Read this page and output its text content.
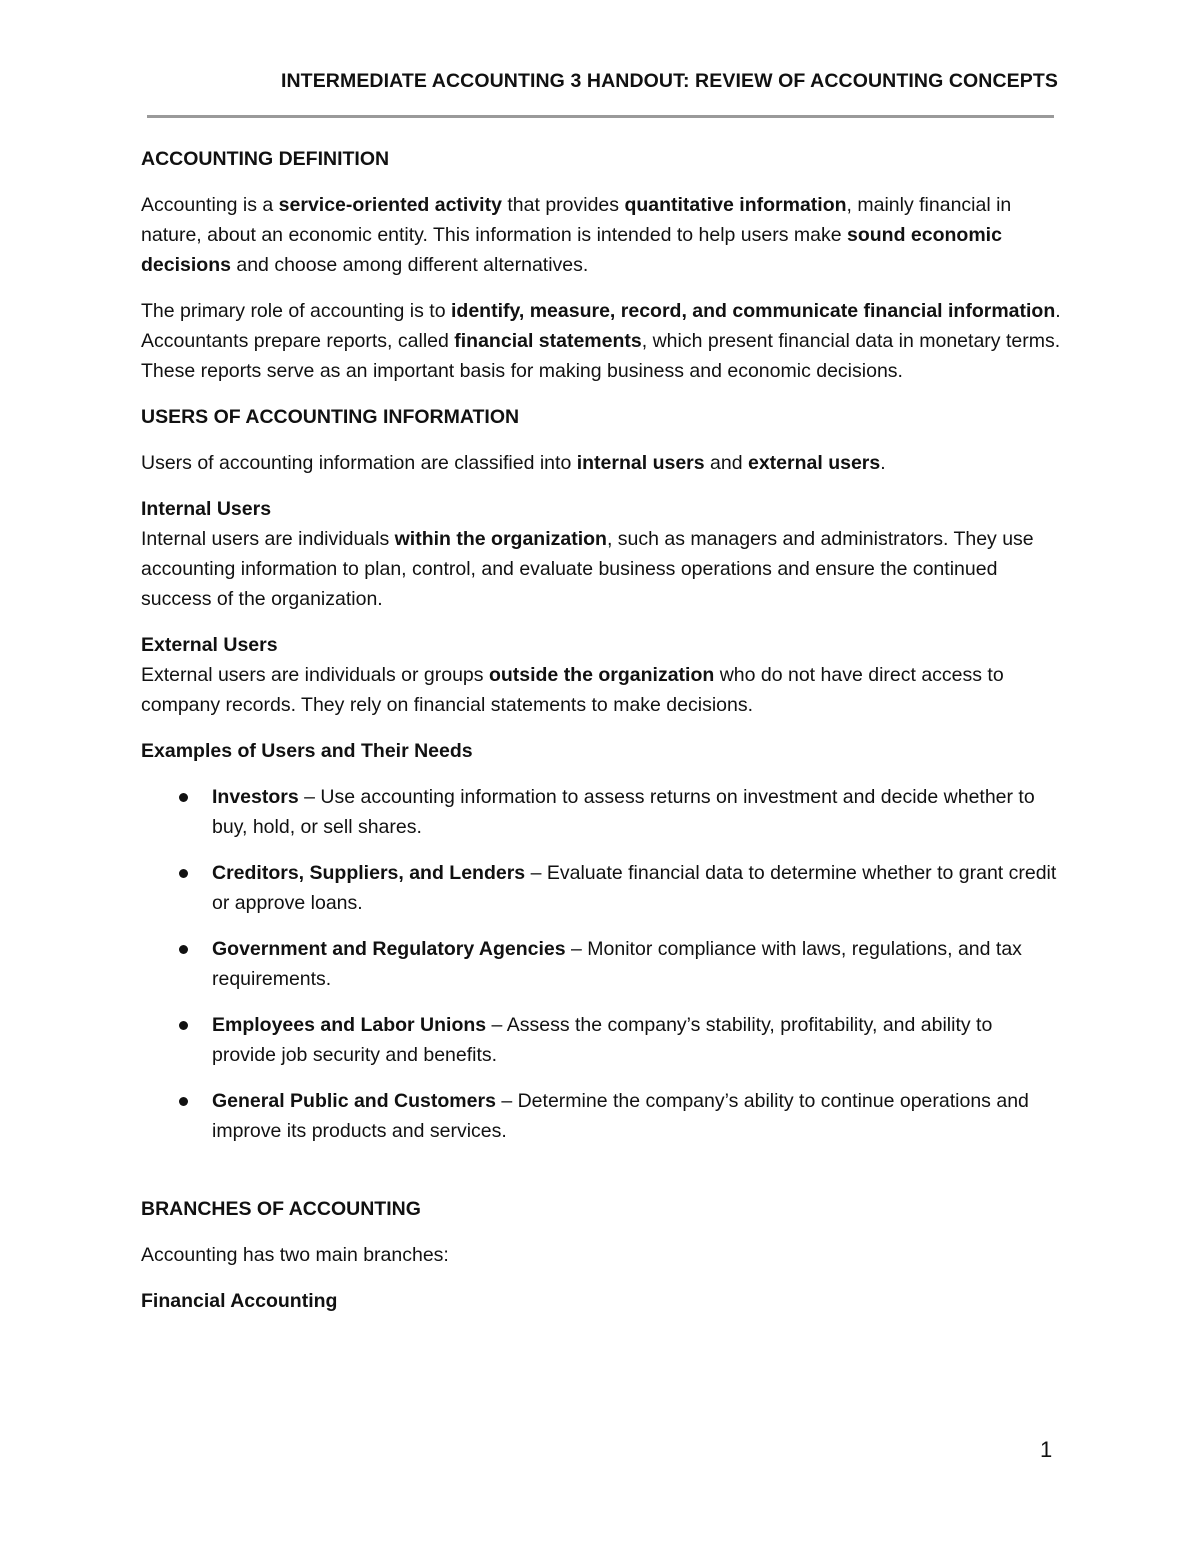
INTERMEDIATE ACCOUNTING 3 HANDOUT: REVIEW OF ACCOUNTING CONCEPTS
ACCOUNTING DEFINITION

Accounting is a service-oriented activity that provides quantitative information, mainly financial in nature, about an economic entity. This information is intended to help users make sound economic decisions and choose among different alternatives.

The primary role of accounting is to identify, measure, record, and communicate financial information. Accountants prepare reports, called financial statements, which present financial data in monetary terms. These reports serve as an important basis for making business and economic decisions.

USERS OF ACCOUNTING INFORMATION

Users of accounting information are classified into internal users and external users.

Internal Users

Internal users are individuals within the organization, such as managers and administrators. They use accounting information to plan, control, and evaluate business operations and ensure the continued success of the organization.

External Users

External users are individuals or groups outside the organization who do not have direct access to company records. They rely on financial statements to make decisions.

Examples of Users and Their Needs
Investors – Use accounting information to assess returns on investment and decide whether to buy, hold, or sell shares.
Creditors, Suppliers, and Lenders – Evaluate financial data to determine whether to grant credit or approve loans.
Government and Regulatory Agencies – Monitor compliance with laws, regulations, and tax requirements.
Employees and Labor Unions – Assess the company’s stability, profitability, and ability to provide job security and benefits.
General Public and Customers – Determine the company’s ability to continue operations and improve its products and services.
BRANCHES OF ACCOUNTING

Accounting has two main branches:

Financial Accounting
1
